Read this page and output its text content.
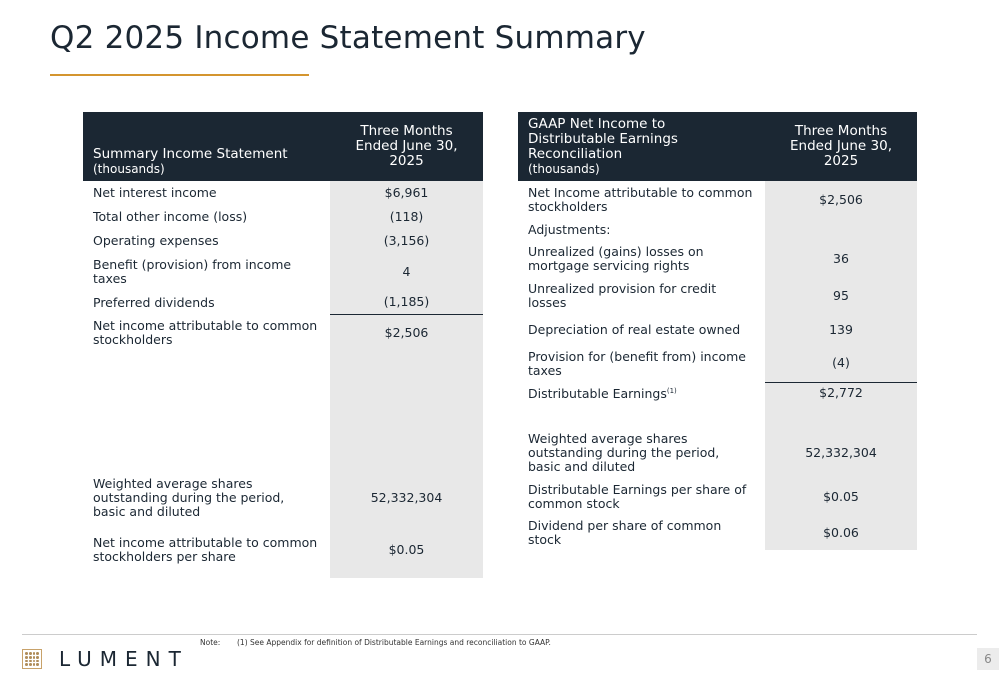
Q2 2025 Income Statement Summary
Summary Income Statement
(thousands)	Three Months Ended June 30, 2025
Net interest income	$6,961
Total other income (loss)	(118)
Operating expenses	(3,156)
Benefit (provision) from income taxes	4
Preferred dividends	(1,185)
Net income attributable to common stockholders	$2,506

Weighted average shares outstanding during the period, basic and diluted	52,332,304
Net income attributable to common stockholders per share	$0.05
GAAP Net Income to Distributable Earnings Reconciliation
(thousands)	Three Months Ended June 30, 2025
Net Income attributable to common stockholders	$2,506
Adjustments:	
Unrealized (gains) losses on mortgage servicing rights	36
Unrealized provision for credit losses	95
Depreciation of real estate owned	139
Provision for (benefit from) income taxes	(4)
Distributable Earnings$^{(1)}$	$2,772

Weighted average shares outstanding during the period, basic and diluted	52,332,304
Distributable Earnings per share of common stock	$0.05
Dividend per share of common stock	$0.06
Note: (1) See Appendix for definition of Distributable Earnings and reconciliation to GAAP.
LUMENT	6
